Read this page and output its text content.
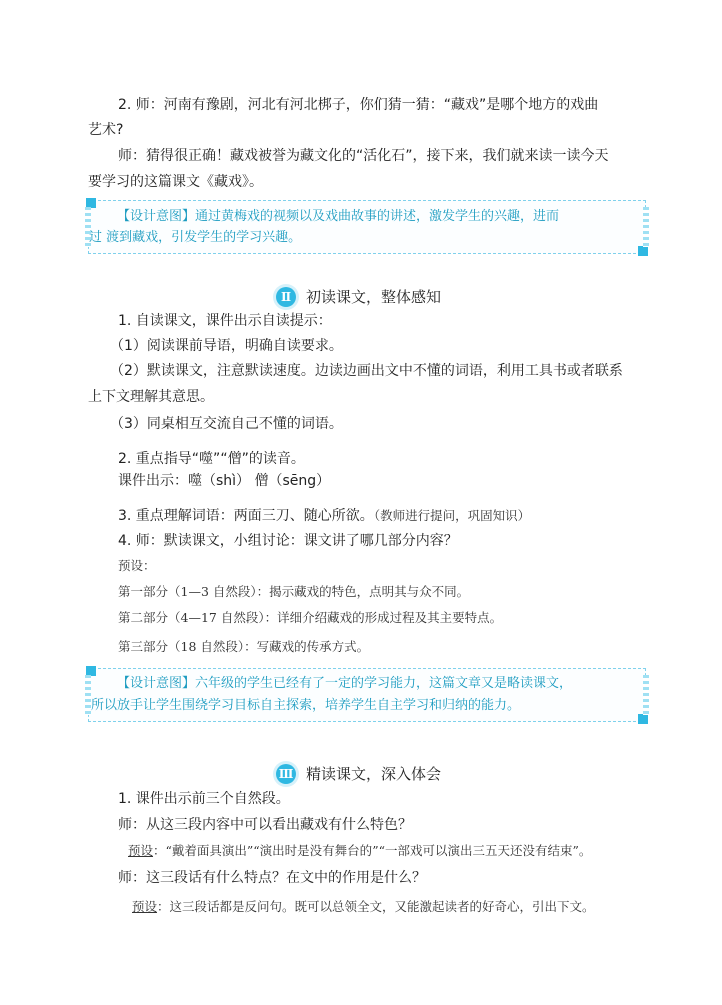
2. 师：河南有豫剧，河北有河北梆子，你们猜一猜：“藏戏”是哪个地方的戏曲
艺术?
师：猜得很正确！藏戏被誉为藏文化的“活化石”，接下来，我们就来读一读今天
要学习的这篇课文《藏戏》。
【设计意图】通过黄梅戏的视频以及戏曲故事的讲述，激发学生的兴趣，进而
过 渡到藏戏，引发学生的学习兴趣。
Ⅱ 初读课文，整体感知
1. 自读课文，课件出示自读提示：
（1）阅读课前导语，明确自读要求。
（2）默读课文，注意默读速度。边读边画出文中不懂的词语，利用工具书或者联系
上下文理解其意思。
（3）同桌相互交流自己不懂的词语。
2. 重点指导“噬”“僧”的读音。
课件出示：噬（shì） 僧（sēng）
3. 重点理解词语：两面三刀、随心所欲。（教师进行提问，巩固知识）
4. 师：默读课文，小组讨论：课文讲了哪几部分内容？
预设：
第一部分（1—3 自然段）：揭示藏戏的特色，点明其与众不同。
第二部分（4—17 自然段）：详细介绍藏戏的形成过程及其主要特点。
第三部分（18 自然段）：写藏戏的传承方式。
【设计意图】六年级的学生已经有了一定的学习能力，这篇文章又是略读课文，
所以放手让学生围绕学习目标自主探索，培养学生自主学习和归纳的能力。
Ⅲ 精读课文，深入体会
1. 课件出示前三个自然段。
师：从这三段内容中可以看出藏戏有什么特色？
预设：“戴着面具演出”“演出时是没有舞台的”“一部戏可以演出三五天还没有结束”。
师：这三段话有什么特点？在文中的作用是什么？
预设：这三段话都是反问句。既可以总领全文，又能激起读者的好奇心，引出下文。
